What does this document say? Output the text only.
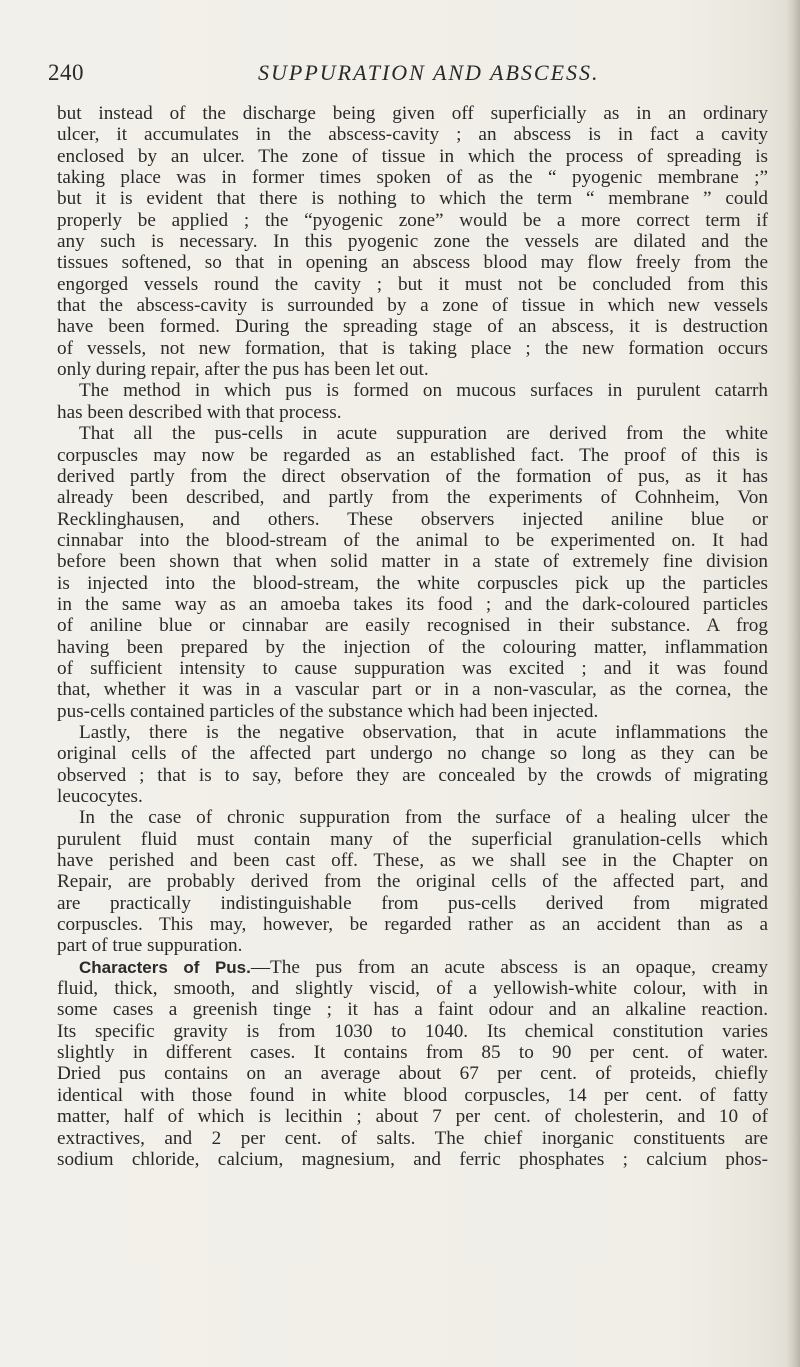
240	SUPPURATION AND ABSCESS.
but instead of the discharge being given off superficially as in an ordinary
ulcer, it accumulates in the abscess-cavity ; an abscess is in fact a cavity
enclosed by an ulcer. The zone of tissue in which the process of spreading is
taking place was in former times spoken of as the “ pyogenic membrane ;”
but it is evident that there is nothing to which the term “ membrane ” could
properly be applied ; the “pyogenic zone” would be a more correct term if
any such is necessary. In this pyogenic zone the vessels are dilated and the
tissues softened, so that in opening an abscess blood may flow freely from the
engorged vessels round the cavity ; but it must not be concluded from this
that the abscess-cavity is surrounded by a zone of tissue in which new vessels
have been formed. During the spreading stage of an abscess, it is destruction
of vessels, not new formation, that is taking place ; the new formation occurs
only during repair, after the pus has been let out.
The method in which pus is formed on mucous surfaces in purulent catarrh
has been described with that process.
That all the pus-cells in acute suppuration are derived from the white
corpuscles may now be regarded as an established fact. The proof of this is
derived partly from the direct observation of the formation of pus, as it has
already been described, and partly from the experiments of Cohnheim, Von
Recklinghausen, and others. These observers injected aniline blue or
cinnabar into the blood-stream of the animal to be experimented on. It had
before been shown that when solid matter in a state of extremely fine division
is injected into the blood-stream, the white corpuscles pick up the particles
in the same way as an amoeba takes its food ; and the dark-coloured particles
of aniline blue or cinnabar are easily recognised in their substance. A frog
having been prepared by the injection of the colouring matter, inflammation
of sufficient intensity to cause suppuration was excited ; and it was found
that, whether it was in a vascular part or in a non-vascular, as the cornea, the
pus-cells contained particles of the substance which had been injected.
Lastly, there is the negative observation, that in acute inflammations the
original cells of the affected part undergo no change so long as they can be
observed ; that is to say, before they are concealed by the crowds of migrating
leucocytes.
In the case of chronic suppuration from the surface of a healing ulcer the
purulent fluid must contain many of the superficial granulation-cells which
have perished and been cast off. These, as we shall see in the Chapter on
Repair, are probably derived from the original cells of the affected part, and
are practically indistinguishable from pus-cells derived from migrated
corpuscles. This may, however, be regarded rather as an accident than as a
part of true suppuration.
Characters of Pus.—The pus from an acute abscess is an opaque, creamy
fluid, thick, smooth, and slightly viscid, of a yellowish-white colour, with in
some cases a greenish tinge ; it has a faint odour and an alkaline reaction.
Its specific gravity is from 1030 to 1040. Its chemical constitution varies
slightly in different cases. It contains from 85 to 90 per cent. of water.
Dried pus contains on an average about 67 per cent. of proteids, chiefly
identical with those found in white blood corpuscles, 14 per cent. of fatty
matter, half of which is lecithin ; about 7 per cent. of cholesterin, and 10 of
extractives, and 2 per cent. of salts. The chief inorganic constituents are
sodium chloride, calcium, magnesium, and ferric phosphates ; calcium phos-
